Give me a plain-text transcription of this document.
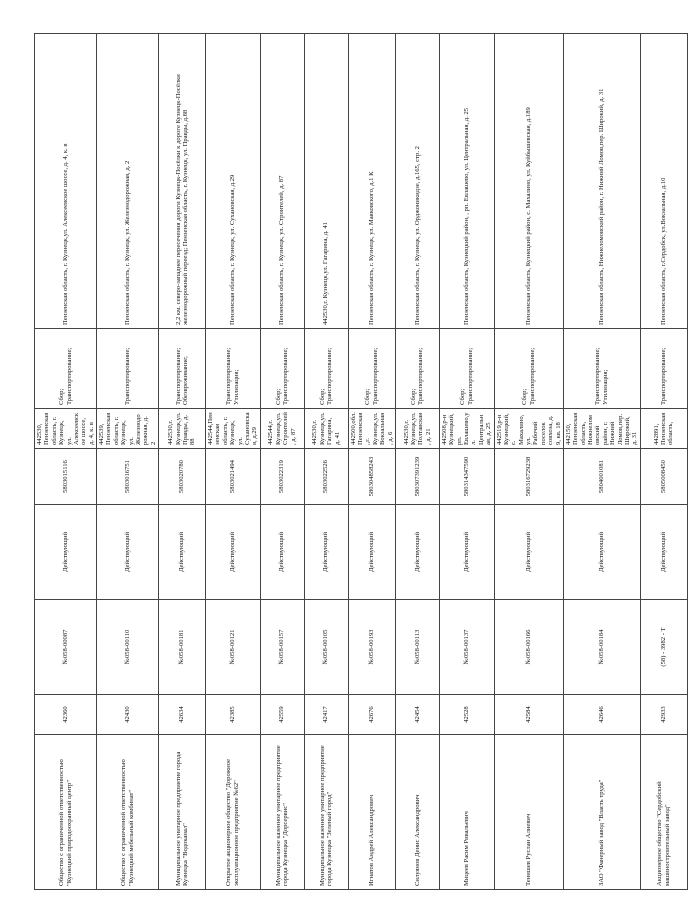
Общество с ограниченной ответственностью "Кузнецкий природоохранный центр"	42360	№058-00087	Действующий	5803015116	442530, Пензенская область, г. Кузнецк, ул. Алексеевское шоссе, д. 4, к. в	Сбор; Транспортирование;	Пензенская область, г. Кузнецк,ул. Алексеевское шоссе, д. 4, к. в
Общество с ограниченной ответственностью "Кузнецкий мебельный комбинат"	42430	№058-00110	Действующий	5803016751	442539, Пензенская область, г. Кузнецк, ул. Железнодорожная, д. 2	Транспортирование;	Пензенская область, г. Кузнецк, ул. Железнодорожная, д. 2
Муниципальное унитарное предприятие города Кузнецка "Водоканал"	42634	№058-00181	Действующий	5803020780	442530,г. Кузнецк,ул. Правды, д. 88	Транспортирование; Обезвреживание;	2,2 км. северо-западнее пересечения дороги Кузнецк-Посёлки к дороге Кузнецк-Посёлки железнодорожный переезд; Пензенская область, г. Кузнецк, ул. Правды, д.88
Открытое акционерное общество "Дорожное эксплуатационное предприятие №62"	42385	№058-00121	Действующий	5803021494	442544,Пензенская область, г. Кузнецк, ул. Сухановская, д.29	Транспортирование; Утилизация;	Пензенская область, г. Кузнецк, ул. Сухановская, д.29
Муниципальное казенное унитарное предприятие города Кузнецка "Дорсервис"	42559	№058-00157	Действующий	5803022319	442544,г. Кузнецк,ул. Строителей, д. 87	Сбор; Транспортирование;	Пензенская область, г. Кузнецк, ул. Строителей, д. 87
Муниципальное казенное унитарное предприятие города Кузнецка "Зеленый город"	42417	№058-00105	Действующий	5803022526	442530,г. Кузнецк,ул. Гагарина, д. 41	Сбор; Транспортирование;	442530,г. Кузнецк,ул. Гагарина, д. 41
Игнатов Андрей Александрович	42676	№058-00193	Действующий	580304858243	442500,обл. Пензенская,,г. Кузнецк,ул. Вокзальная, д. 6	Сбор; Транспортирование;	Пензенская область, г. Кузнецк, ул. Маяковского, д.1 К
Силуянов Денис Александрович	42454	№058-00113	Действующий	580307391239	442530,г. Кузнецк,ул. Полтавская, д. 21	Сбор; Транспортирование;	Пензенская область, г. Кузнецк, ул. Орджоникидзе, д.165, стр. 2
Мицеев Расим Ривальевич	42528	№058-00137	Действующий	580314347590	442508,р-н Кузнецкий, рп. Евлашево,ул. Центральная, д. 25	Сбор; Транспортирование;	Пензенская область, Кузнецкий район, , рп. Евлашево, ул. Центральная, д. 25
Тенишев Руслан Алиевич	42584	№058-00166	Действующий	580316729238	442519,р-н Кузнецкий, с. Махалино,ул. Рабочий поселок совхоза, д. 9, кв. 18	Сбор; Транспортирование;	Пензенская область, Кузнецкий район, с. Махалино, ул. Куйбышевская, д.189
ЗАО "Фанерный завод "Власть труда"	42646	№058-00184	Действующий	5804001081	442150, Пензенская область, Нижнеломовский район, г. Нижний Ломов,пер. Широкий, д. 31	Транспортирование; Утилизация;	Пензенская область, Нижнеломовский район, г. Нижний Ломов,пер. Широкий, д. 31
Акционерное общество "Сердобский машиностроительный завод"	42933	(58) - 3982 - Т	Действующий	5805008450	442891, Пензенская область,	Транспортирование;	Пензенская область, г.Сердобск, ул.Вокзальная, д.10
